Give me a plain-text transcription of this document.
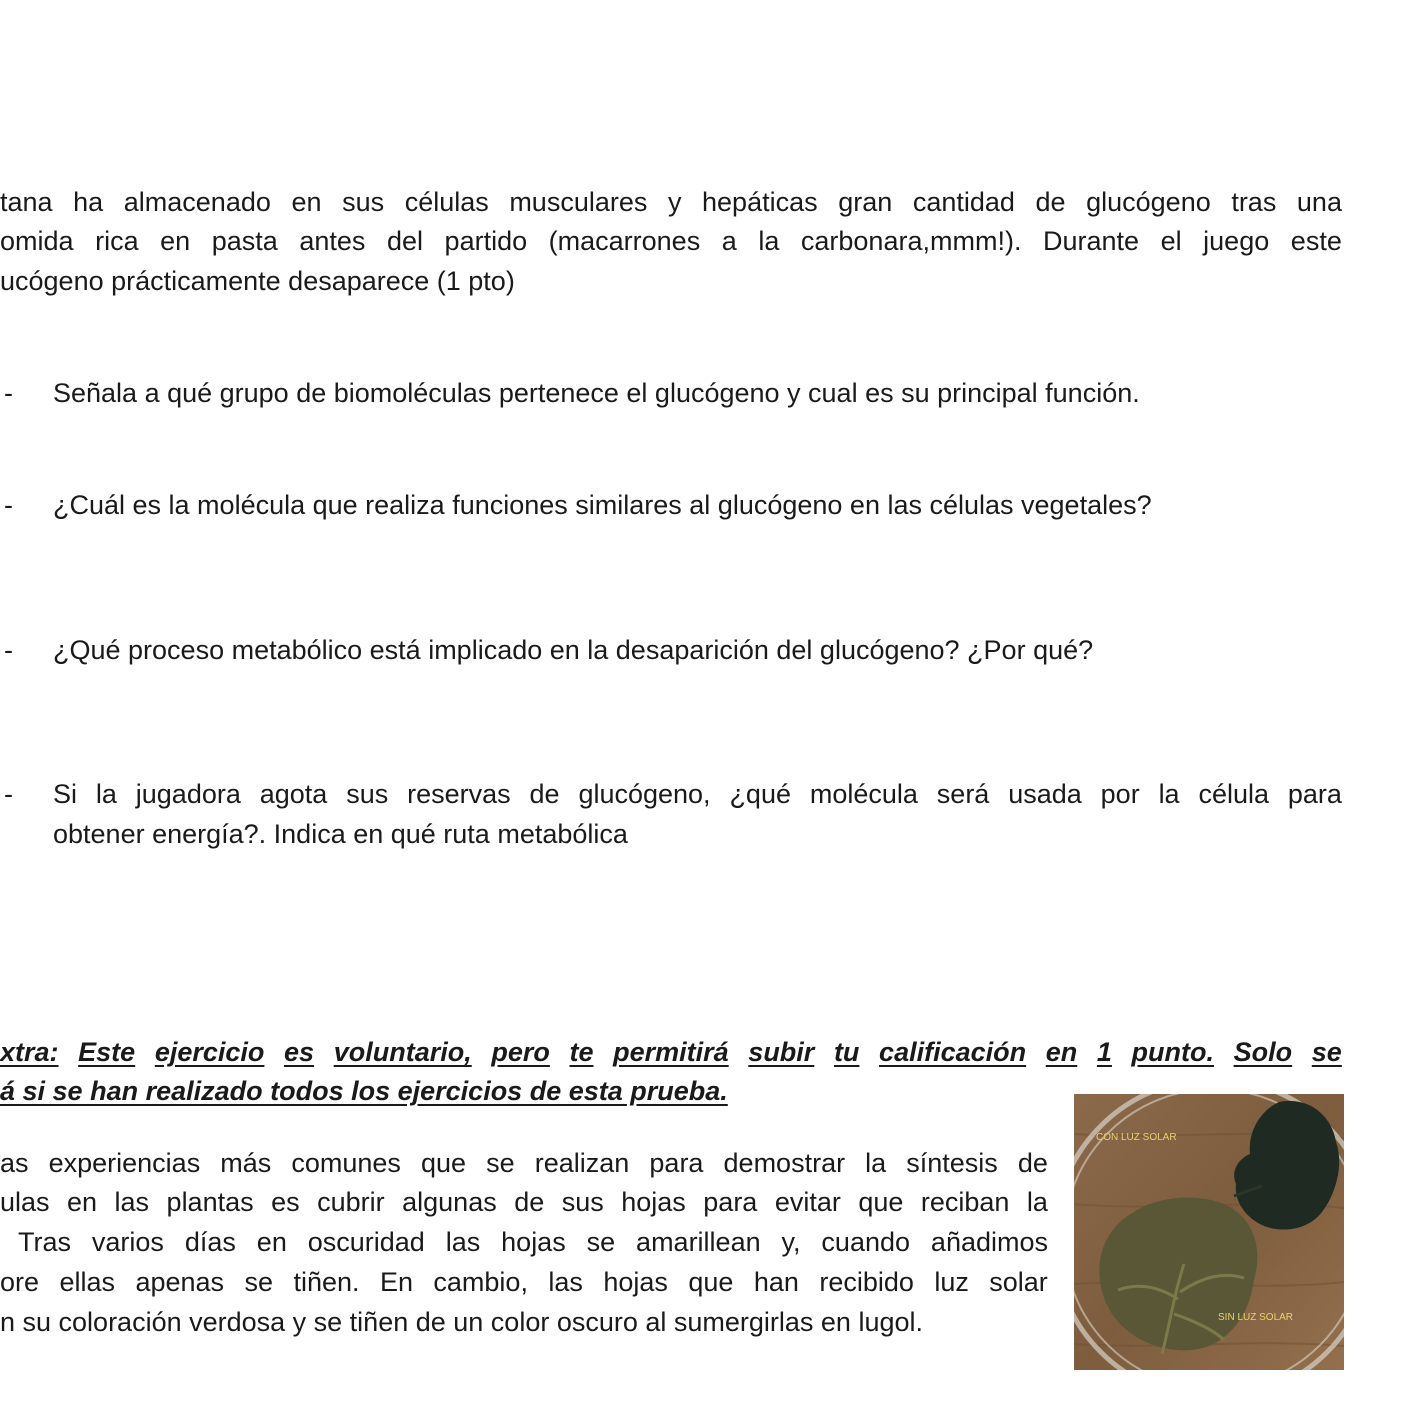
tana ha almacenado en sus células musculares y hepáticas gran cantidad de glucógeno tras una
omida rica en pasta antes del partido (macarrones a la carbonara,mmm!). Durante el juego este
ucógeno prácticamente desaparece (1 pto)
- Señala a qué grupo de biomoléculas pertenece el glucógeno y cual es su principal función.
- ¿Cuál es la molécula que realiza funciones similares al glucógeno en las células vegetales?
- ¿Qué proceso metabólico está implicado en la desaparición del glucógeno? ¿Por qué?
- Si la jugadora agota sus reservas de glucógeno, ¿qué molécula será usada por la célula para
obtener energía?. Indica en qué ruta metabólica
xtra: Este ejercicio es voluntario, pero te permitirá subir tu calificación en 1 punto. Solo se
á si se han realizado todos los ejercicios de esta prueba.
as experiencias más comunes que se realizan para demostrar la síntesis de
ulas en las plantas es cubrir algunas de sus hojas para evitar que reciban la
Tras varios días en oscuridad las hojas se amarillean y, cuando añadimos
ore ellas apenas se tiñen. En cambio, las hojas que han recibido luz solar
n su coloración verdosa y se tiñen de un color oscuro al sumergirlas en lugol.
CON LUZ SOLAR
SIN LUZ SOLAR
